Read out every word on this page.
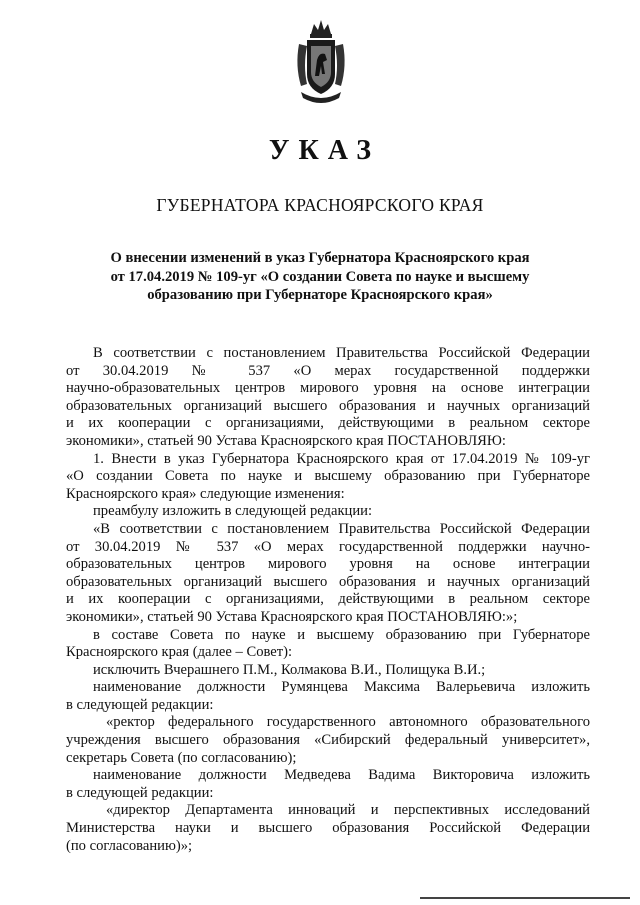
УКАЗ
ГУБЕРНАТОРА КРАСНОЯРСКОГО КРАЯ
О внесении изменений в указ Губернатора Красноярского края
от 17.04.2019 № 109-уг «О создании Совета по науке и высшему
образованию при Губернаторе Красноярского края»
В соответствии с постановлением Правительства Российской Федерации
от 30.04.2019 № 537 «О мерах государственной поддержки
научно-образовательных центров мирового уровня на основе интеграции
образовательных организаций высшего образования и научных организаций
и их кооперации с организациями, действующими в реальном секторе
экономики», статьей 90 Устава Красноярского края ПОСТАНОВЛЯЮ:
1. Внести в указ Губернатора Красноярского края от 17.04.2019 № 109-уг
«О создании Совета по науке и высшему образованию при Губернаторе
Красноярского края» следующие изменения:
преамбулу изложить в следующей редакции:
«В соответствии с постановлением Правительства Российской Федерации
от 30.04.2019 № 537 «О мерах государственной поддержки научно-
образовательных центров мирового уровня на основе интеграции
образовательных организаций высшего образования и научных организаций
и их кооперации с организациями, действующими в реальном секторе
экономики», статьей 90 Устава Красноярского края ПОСТАНОВЛЯЮ:»;
в составе Совета по науке и высшему образованию при Губернаторе
Красноярского края (далее – Совет):
исключить Вчерашнего П.М., Колмакова В.И., Полищука В.И.;
наименование должности Румянцева Максима Валерьевича изложить
в следующей редакции:
«ректор федерального государственного автономного образовательного
учреждения высшего образования «Сибирский федеральный университет»,
секретарь Совета (по согласованию);
наименование должности Медведева Вадима Викторовича изложить
в следующей редакции:
«директор Департамента инноваций и перспективных исследований
Министерства науки и высшего образования Российской Федерации
(по согласованию)»;
